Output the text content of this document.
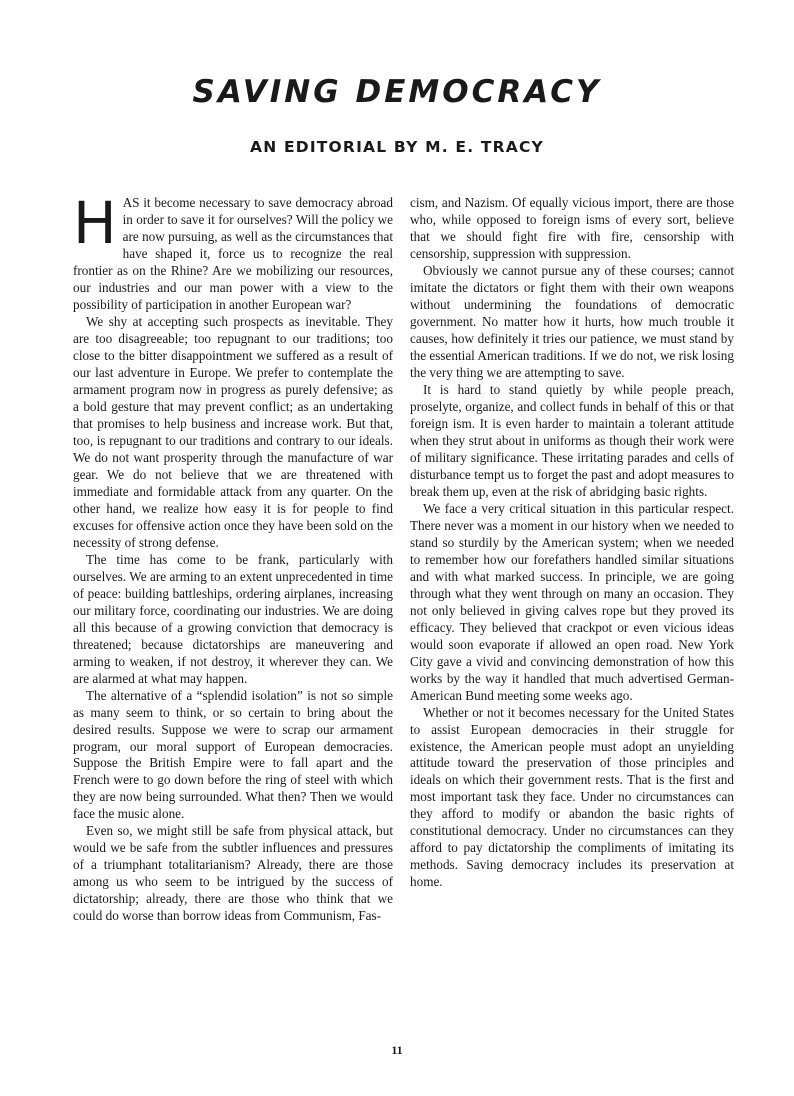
SAVING DEMOCRACY
AN EDITORIAL BY M. E. TRACY

HAS it become necessary to save democracy abroad in order to save it for ourselves? Will the policy we are now pursuing, as well as the circumstances that have shaped it, force us to recognize the real frontier as on the Rhine? Are we mobilizing our resources, our industries and our man power with a view to the possibility of participation in another European war?

We shy at accepting such prospects as inevitable. They are too disagreeable; too repugnant to our traditions; too close to the bitter disappointment we suffered as a result of our last adventure in Europe. We prefer to contemplate the armament program now in progress as purely defensive; as a bold gesture that may prevent conflict; as an undertaking that promises to help business and increase work. But that, too, is repugnant to our traditions and contrary to our ideals. We do not want prosperity through the manufacture of war gear. We do not believe that we are threatened with immediate and formidable attack from any quarter. On the other hand, we realize how easy it is for people to find excuses for offensive action once they have been sold on the necessity of strong defense.

The time has come to be frank, particularly with ourselves. We are arming to an extent unprecedented in time of peace: building battleships, ordering airplanes, increasing our military force, coordinating our industries. We are doing all this because of a growing conviction that democracy is threatened; because dictatorships are maneuvering and arming to weaken, if not destroy, it wherever they can. We are alarmed at what may happen.

The alternative of a “splendid isolation” is not so simple as many seem to think, or so certain to bring about the desired results. Suppose we were to scrap our armament program, our moral support of European democracies. Suppose the British Empire were to fall apart and the French were to go down before the ring of steel with which they are now being surrounded. What then? Then we would face the music alone.

Even so, we might still be safe from physical attack, but would we be safe from the subtler influences and pressures of a triumphant totalitarianism? Already, there are those among us who seem to be intrigued by the success of dictatorship; already, there are those who think that we could do worse than borrow ideas from Communism, Fas-

cism, and Nazism. Of equally vicious import, there are those who, while opposed to foreign isms of every sort, believe that we should fight fire with fire, censorship with censorship, suppression with suppression.

Obviously we cannot pursue any of these courses; cannot imitate the dictators or fight them with their own weapons without undermining the foundations of democratic government. No matter how it hurts, how much trouble it causes, how definitely it tries our patience, we must stand by the essential American traditions. If we do not, we risk losing the very thing we are attempting to save.

It is hard to stand quietly by while people preach, proselyte, organize, and collect funds in behalf of this or that foreign ism. It is even harder to maintain a tolerant attitude when they strut about in uniforms as though their work were of military significance. These irritating parades and cells of disturbance tempt us to forget the past and adopt measures to break them up, even at the risk of abridging basic rights.

We face a very critical situation in this particular respect. There never was a moment in our history when we needed to stand so sturdily by the American system; when we needed to remember how our forefathers handled similar situations and with what marked success. In principle, we are going through what they went through on many an occasion. They not only believed in giving calves rope but they proved its efficacy. They believed that crackpot or even vicious ideas would soon evaporate if allowed an open road. New York City gave a vivid and convincing demonstration of how this works by the way it handled that much advertised German-American Bund meeting some weeks ago.

Whether or not it becomes necessary for the United States to assist European democracies in their struggle for existence, the American people must adopt an unyielding attitude toward the preservation of those principles and ideals on which their government rests. That is the first and most important task they face. Under no circumstances can they afford to modify or abandon the basic rights of constitutional democracy. Under no circumstances can they afford to pay dictatorship the compliments of imitating its methods. Saving democracy includes its preservation at home.

11
